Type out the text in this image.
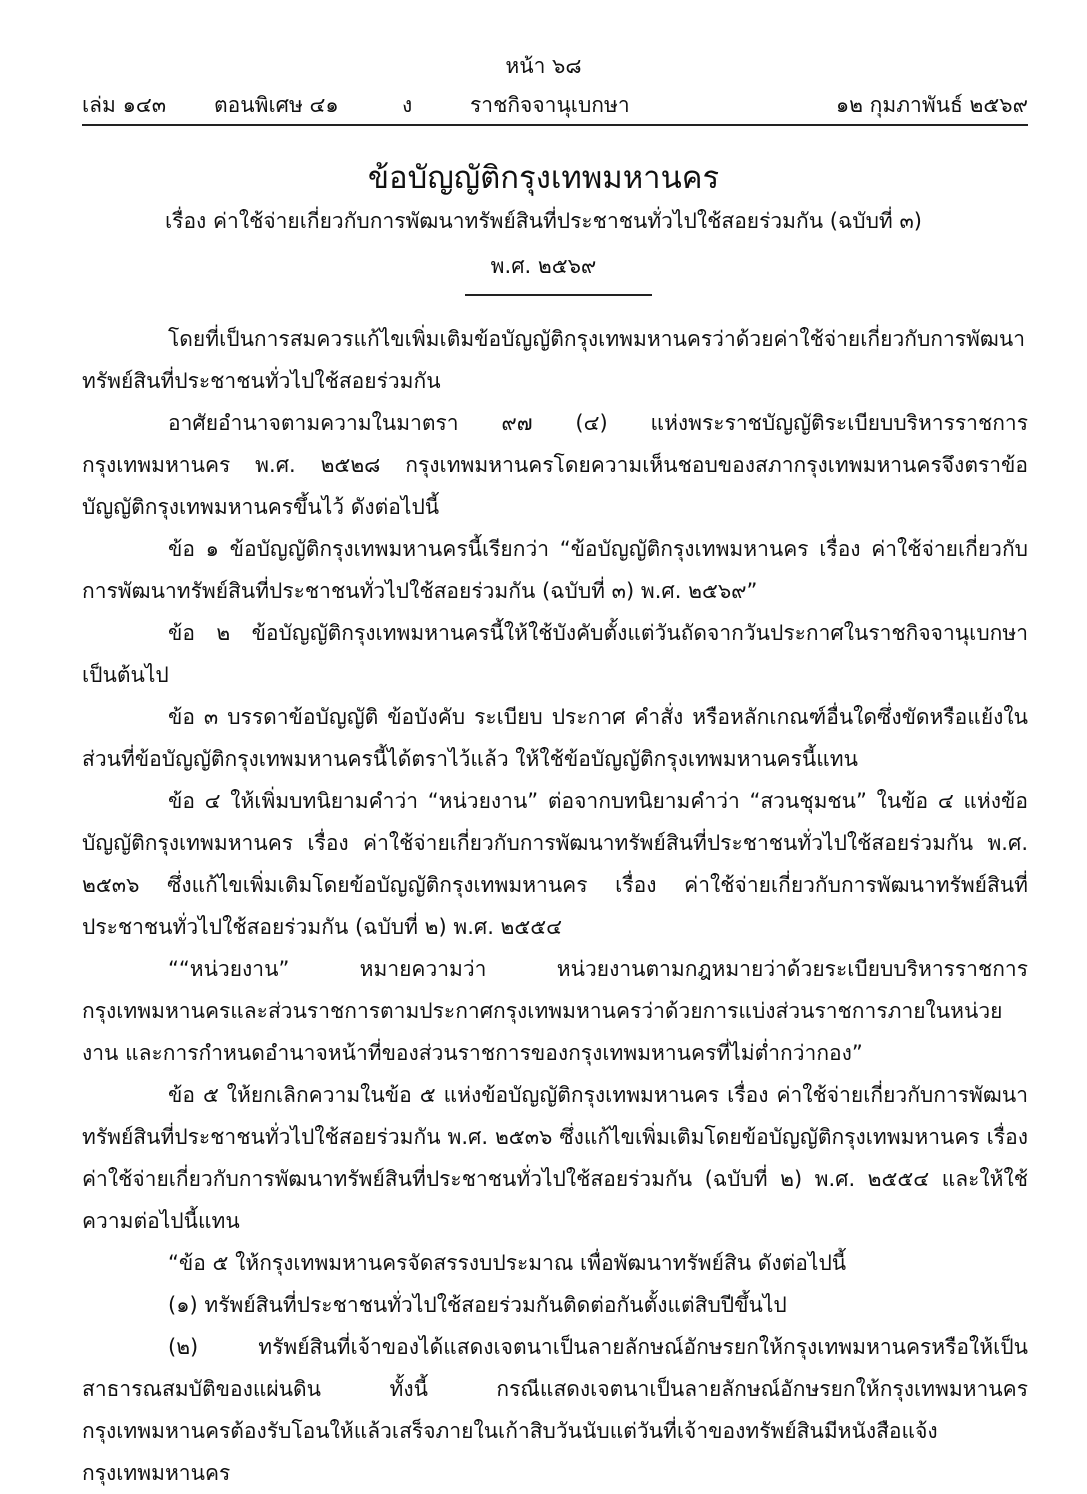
หน้า ๖๘
เล่ม ๑๔๓ ตอนพิเศษ ๔๑	ง	ราชกิจจานุเบกษา	๑๒ กุมภาพันธ์ ๒๕๖๙
ข้อบัญญัติกรุงเทพมหานคร
เรื่อง ค่าใช้จ่ายเกี่ยวกับการพัฒนาทรัพย์สินที่ประชาชนทั่วไปใช้สอยร่วมกัน (ฉบับที่ ๓)
พ.ศ. ๒๕๖๙

โดยที่เป็นการสมควรแก้ไขเพิ่มเติมข้อบัญญัติกรุงเทพมหานครว่าด้วยค่าใช้จ่ายเกี่ยวกับการพัฒนาทรัพย์สินที่ประชาชนทั่วไปใช้สอยร่วมกัน

อาศัยอำนาจตามความในมาตรา ๙๗ (๔) แห่งพระราชบัญญัติระเบียบบริหารราชการกรุงเทพมหานคร พ.ศ. ๒๕๒๘ กรุงเทพมหานครโดยความเห็นชอบของสภากรุงเทพมหานครจึงตราข้อบัญญัติกรุงเทพมหานครขึ้นไว้ ดังต่อไปนี้

ข้อ ๑ ข้อบัญญัติกรุงเทพมหานครนี้เรียกว่า “ข้อบัญญัติกรุงเทพมหานคร เรื่อง ค่าใช้จ่ายเกี่ยวกับการพัฒนาทรัพย์สินที่ประชาชนทั่วไปใช้สอยร่วมกัน (ฉบับที่ ๓) พ.ศ. ๒๕๖๙”

ข้อ ๒ ข้อบัญญัติกรุงเทพมหานครนี้ให้ใช้บังคับตั้งแต่วันถัดจากวันประกาศในราชกิจจานุเบกษาเป็นต้นไป

ข้อ ๓ บรรดาข้อบัญญัติ ข้อบังคับ ระเบียบ ประกาศ คำสั่ง หรือหลักเกณฑ์อื่นใดซึ่งขัดหรือแย้งในส่วนที่ข้อบัญญัติกรุงเทพมหานครนี้ได้ตราไว้แล้ว ให้ใช้ข้อบัญญัติกรุงเทพมหานครนี้แทน

ข้อ ๔ ให้เพิ่มบทนิยามคำว่า “หน่วยงาน” ต่อจากบทนิยามคำว่า “สวนชุมชน” ในข้อ ๔ แห่งข้อบัญญัติกรุงเทพมหานคร เรื่อง ค่าใช้จ่ายเกี่ยวกับการพัฒนาทรัพย์สินที่ประชาชนทั่วไปใช้สอยร่วมกัน พ.ศ. ๒๕๓๖ ซึ่งแก้ไขเพิ่มเติมโดยข้อบัญญัติกรุงเทพมหานคร เรื่อง ค่าใช้จ่ายเกี่ยวกับการพัฒนาทรัพย์สินที่ประชาชนทั่วไปใช้สอยร่วมกัน (ฉบับที่ ๒) พ.ศ. ๒๕๕๔

““หน่วยงาน” หมายความว่า หน่วยงานตามกฎหมายว่าด้วยระเบียบบริหารราชการกรุงเทพมหานครและส่วนราชการตามประกาศกรุงเทพมหานครว่าด้วยการแบ่งส่วนราชการภายในหน่วยงาน และการกำหนดอำนาจหน้าที่ของส่วนราชการของกรุงเทพมหานครที่ไม่ต่ำกว่ากอง”

ข้อ ๕ ให้ยกเลิกความในข้อ ๕ แห่งข้อบัญญัติกรุงเทพมหานคร เรื่อง ค่าใช้จ่ายเกี่ยวกับการพัฒนาทรัพย์สินที่ประชาชนทั่วไปใช้สอยร่วมกัน พ.ศ. ๒๕๓๖ ซึ่งแก้ไขเพิ่มเติมโดยข้อบัญญัติกรุงเทพมหานคร เรื่อง ค่าใช้จ่ายเกี่ยวกับการพัฒนาทรัพย์สินที่ประชาชนทั่วไปใช้สอยร่วมกัน (ฉบับที่ ๒) พ.ศ. ๒๕๕๔ และให้ใช้ความต่อไปนี้แทน

“ข้อ ๕ ให้กรุงเทพมหานครจัดสรรงบประมาณ เพื่อพัฒนาทรัพย์สิน ดังต่อไปนี้

(๑) ทรัพย์สินที่ประชาชนทั่วไปใช้สอยร่วมกันติดต่อกันตั้งแต่สิบปีขึ้นไป

(๒) ทรัพย์สินที่เจ้าของได้แสดงเจตนาเป็นลายลักษณ์อักษรยกให้กรุงเทพมหานครหรือให้เป็นสาธารณสมบัติของแผ่นดิน ทั้งนี้ กรณีแสดงเจตนาเป็นลายลักษณ์อักษรยกให้กรุงเทพมหานคร กรุงเทพมหานครต้องรับโอนให้แล้วเสร็จภายในเก้าสิบวันนับแต่วันที่เจ้าของทรัพย์สินมีหนังสือแจ้งกรุงเทพมหานคร
